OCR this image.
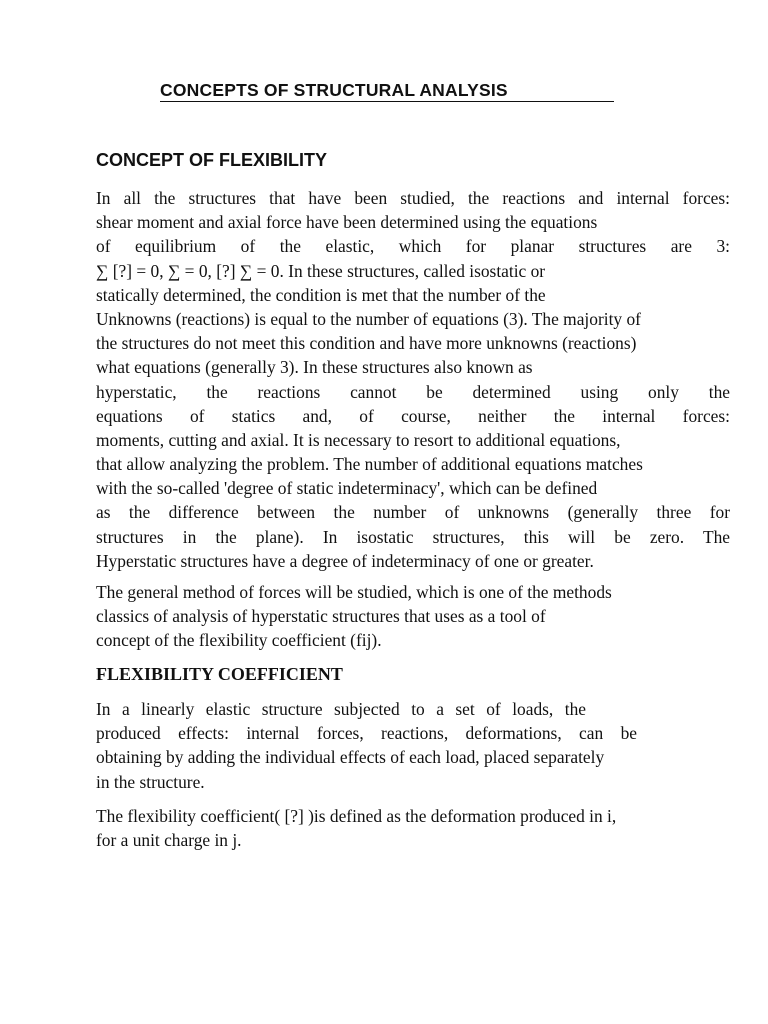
CONCEPTS OF STRUCTURAL ANALYSIS
CONCEPT OF FLEXIBILITY

In all the structures that have been studied, the reactions and internal forces:
shear moment and axial force have been determined using the equations
of equilibrium of the elastic, which for planar structures are 3:
∑ [?] = 0, ∑ = 0, [?] ∑ = 0. In these structures, called isostatic or
statically determined, the condition is met that the number of the
Unknowns (reactions) is equal to the number of equations (3). The majority of
the structures do not meet this condition and have more unknowns (reactions)
what equations (generally 3). In these structures also known as
hyperstatic, the reactions cannot be determined using only the
equations of statics and, of course, neither the internal forces:
moments, cutting and axial. It is necessary to resort to additional equations,
that allow analyzing the problem. The number of additional equations matches
with the so-called 'degree of static indeterminacy', which can be defined
as the difference between the number of unknowns (generally three for
structures in the plane). In isostatic structures, this will be zero. The
Hyperstatic structures have a degree of indeterminacy of one or greater.

The general method of forces will be studied, which is one of the methods
classics of analysis of hyperstatic structures that uses as a tool of
concept of the flexibility coefficient (fij).

FLEXIBILITY COEFFICIENT

In a linearly elastic structure subjected to a set of loads, the
produced effects: internal forces, reactions, deformations, can be
obtaining by adding the individual effects of each load, placed separately
in the structure.

The flexibility coefficient( [?] )is defined as the deformation produced in i,
for a unit charge in j.
